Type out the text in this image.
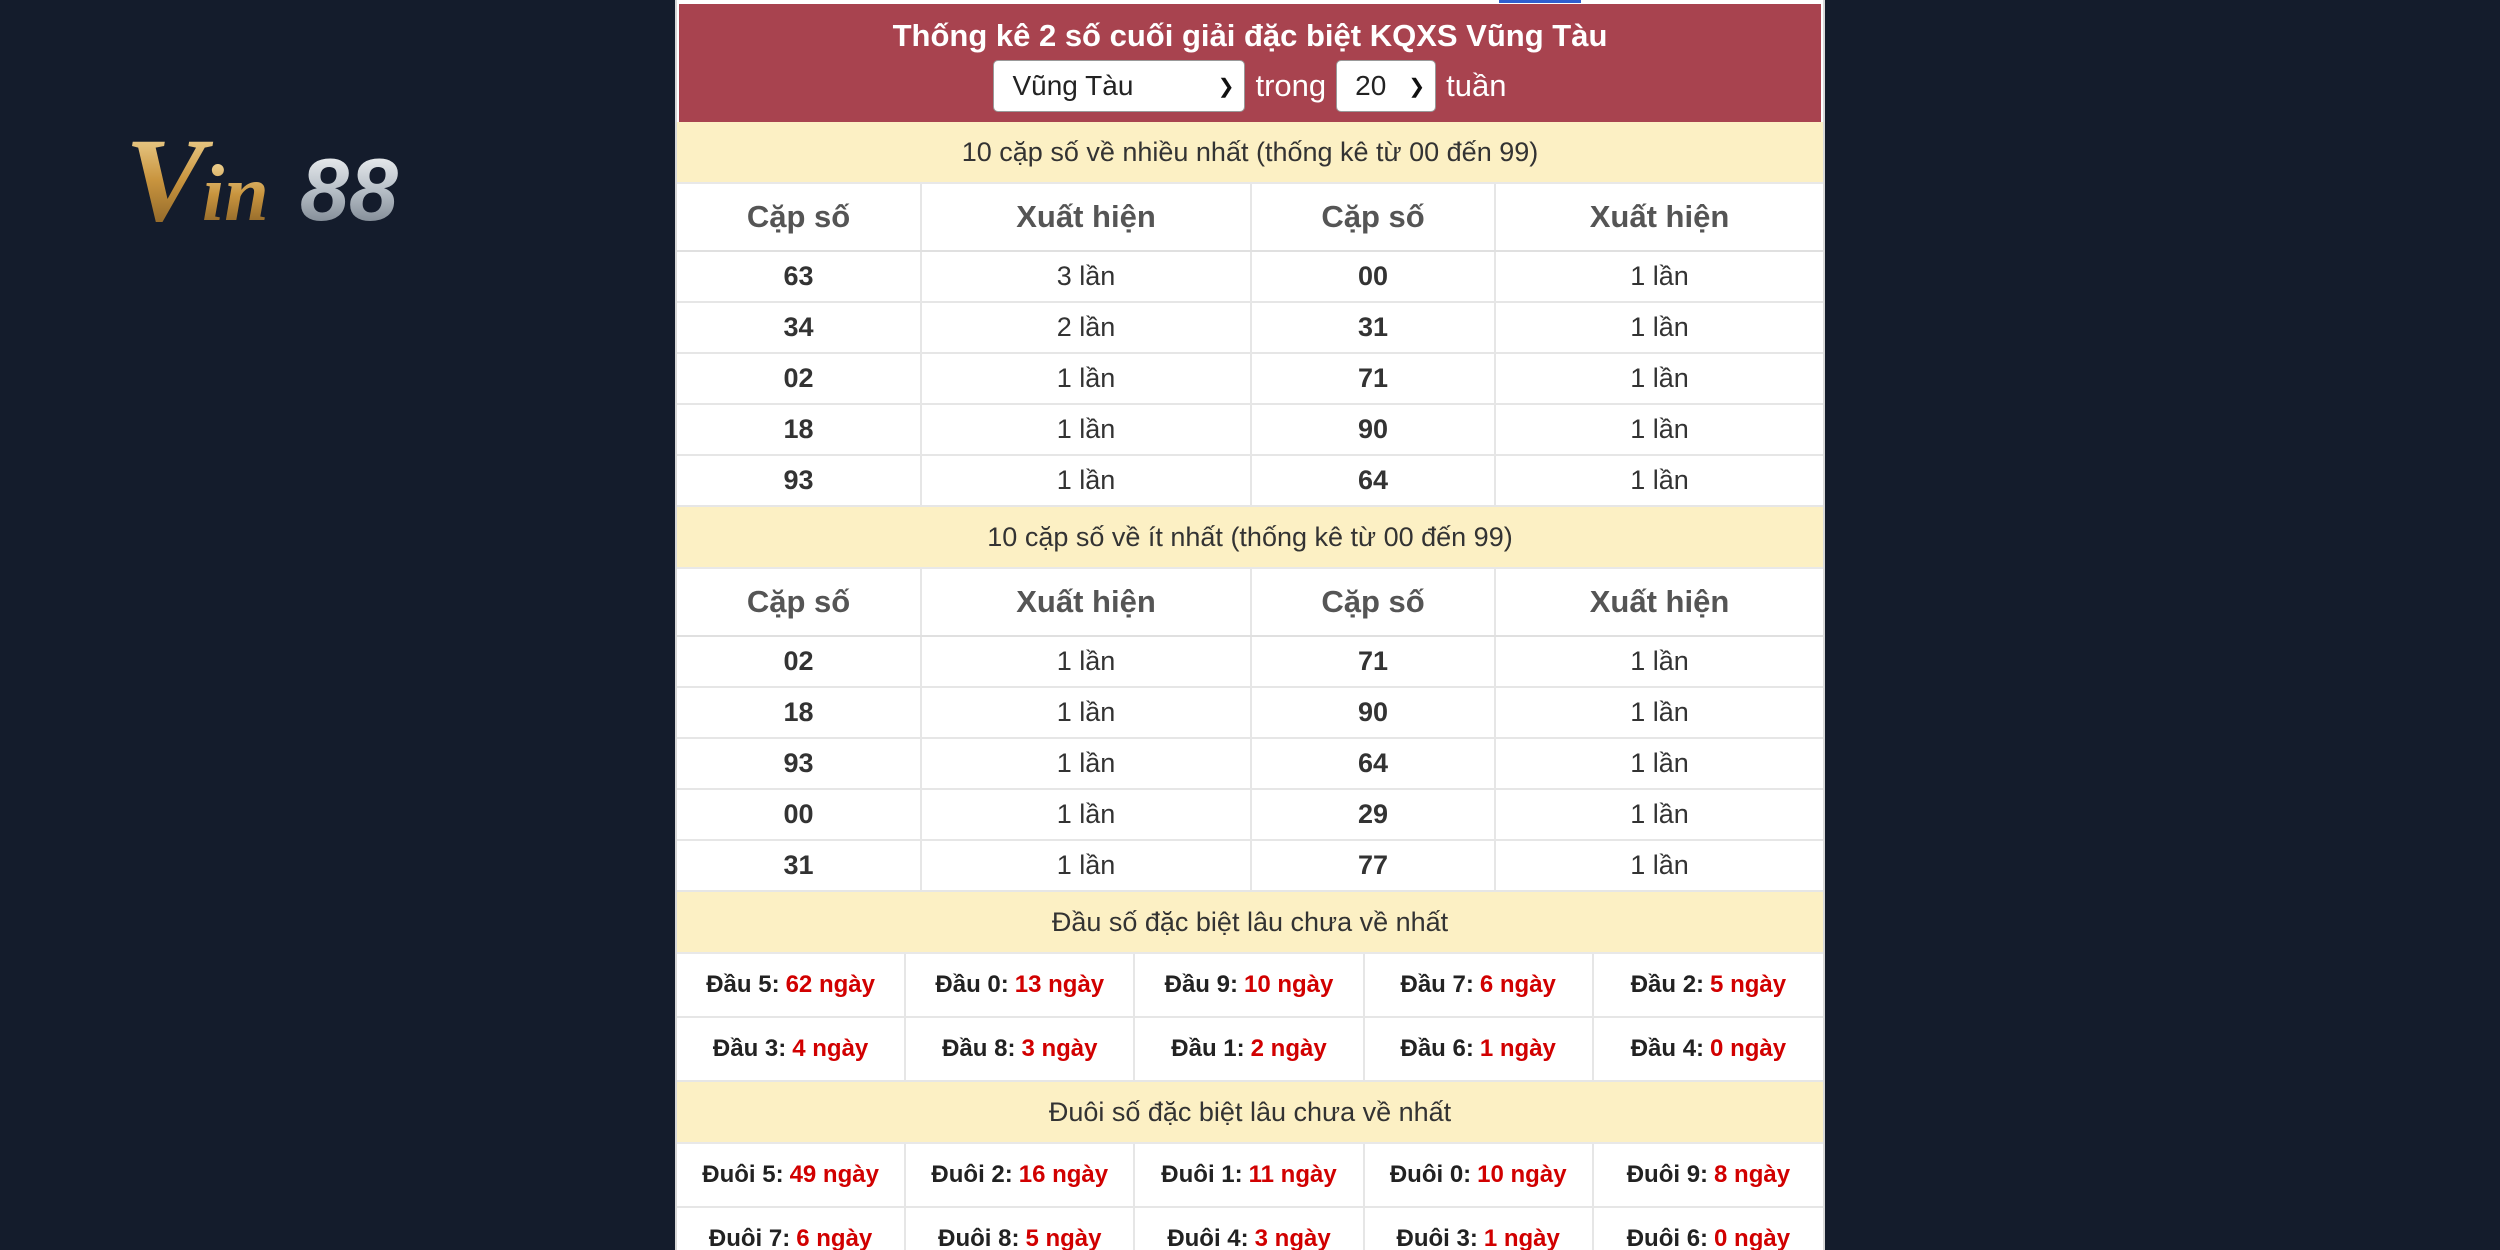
V
in 88
Thống kê 2 số cuối giải đặc biệt KQXS Vũng Tàu
Vũng Tàu	❯ trong 20 ❯ tuần
10 cặp số về nhiều nhất (thống kê từ 00 đến 99)
Cặp số	Xuất hiện	Cặp số	Xuất hiện
63	3 lần	00	1 lần
34	2 lần	31	1 lần
02	1 lần	71	1 lần
18	1 lần	90	1 lần
93	1 lần	64	1 lần
10 cặp số về ít nhất (thống kê từ 00 đến 99)
Cặp số	Xuất hiện	Cặp số	Xuất hiện
02	1 lần	71	1 lần
18	1 lần	90	1 lần
93	1 lần	64	1 lần
00	1 lần	29	1 lần
31	1 lần	77	1 lần
Đầu số đặc biệt lâu chưa về nhất
Đầu 5: 62 ngày	Đầu 0: 13 ngày	Đầu 9: 10 ngày	Đầu 7: 6 ngày	Đầu 2: 5 ngày
Đầu 3: 4 ngày	Đầu 8: 3 ngày	Đầu 1: 2 ngày	Đầu 6: 1 ngày	Đầu 4: 0 ngày
Đuôi số đặc biệt lâu chưa về nhất
Đuôi 5: 49 ngày Đuôi 2: 16 ngày Đuôi 1: 11 ngày Đuôi 0: 10 ngày	Đuôi 9: 8 ngày
Đuôi 7: 6 ngày	Đuôi 8: 5 ngày	Đuôi 4: 3 ngày	Đuôi 3: 1 ngày	Đuôi 6: 0 ngày
